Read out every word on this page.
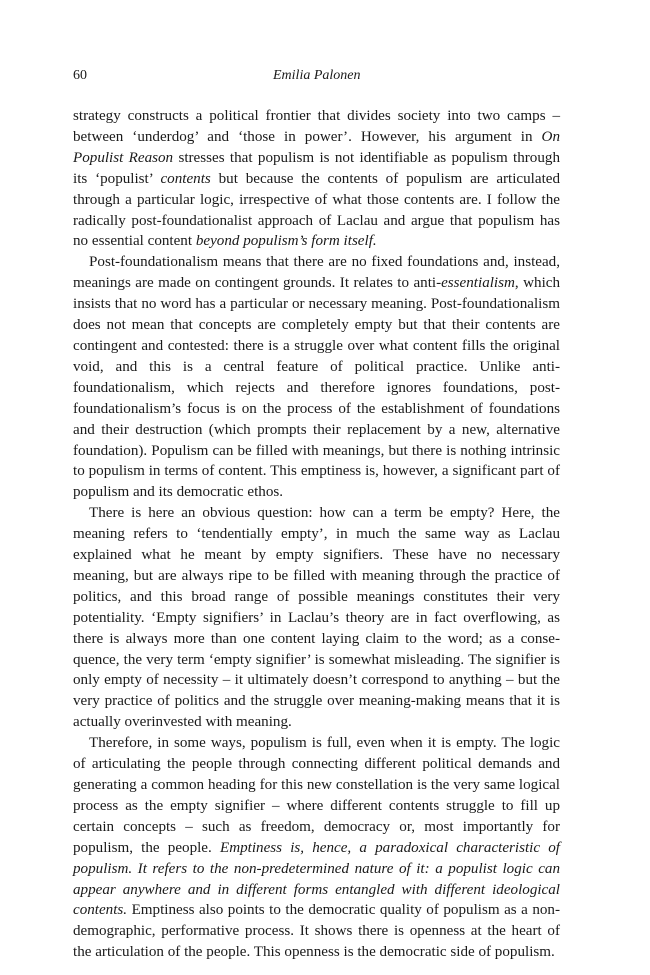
60	Emilia Palonen

strategy constructs a political frontier that divides society into two camps – between ‘underdog’ and ‘those in power’. However, his argument in On Populist Reason stresses that populism is not identifiable as populism through its ‘populist’ contents but because the contents of populism are articulated through a particular logic, irrespective of what those contents are. I follow the radically post-foundationalist approach of Laclau and argue that populism has no essential content beyond populism’s form itself.

Post-foundationalism means that there are no fixed foundations and, instead, meanings are made on contingent grounds. It relates to anti-essentialism, which insists that no word has a particular or necessary meaning. Post-foundationalism does not mean that concepts are completely empty but that their contents are contingent and contested: there is a struggle over what content fills the original void, and this is a central feature of political practice. Unlike anti-foundationalism, which rejects and therefore ignores foundations, post-foundationalism’s focus is on the process of the establishment of foundations and their destruction (which prompts their replacement by a new, alternative foundation). Populism can be filled with meanings, but there is nothing intrinsic to populism in terms of content. This emptiness is, however, a significant part of populism and its democratic ethos.

There is here an obvious question: how can a term be empty? Here, the meaning refers to ‘tendentially empty’, in much the same way as Laclau explained what he meant by empty signifiers. These have no necessary meaning, but are always ripe to be filled with meaning through the practice of politics, and this broad range of possible meanings constitutes their very potentiality. ‘Empty signifiers’ in Laclau’s theory are in fact overflowing, as there is always more than one content laying claim to the word; as a consequence, the very term ‘empty signifier’ is somewhat misleading. The signifier is only empty of necessity – it ultimately doesn’t correspond to anything – but the very practice of politics and the struggle over meaning-making means that it is actually overinvested with meaning.

Therefore, in some ways, populism is full, even when it is empty. The logic of articulating the people through connecting different political demands and generating a common heading for this new constellation is the very same logical process as the empty signifier – where different contents struggle to fill up certain concepts – such as freedom, democracy or, most importantly for populism, the people. Emptiness is, hence, a paradoxical characteristic of populism. It refers to the non-predetermined nature of it: a populist logic can appear anywhere and in different forms entangled with different ideological contents. Emptiness also points to the democratic quality of populism as a non-demographic, performative process. It shows there is openness at the heart of the articulation of the people. This openness is the democratic side of populism.
